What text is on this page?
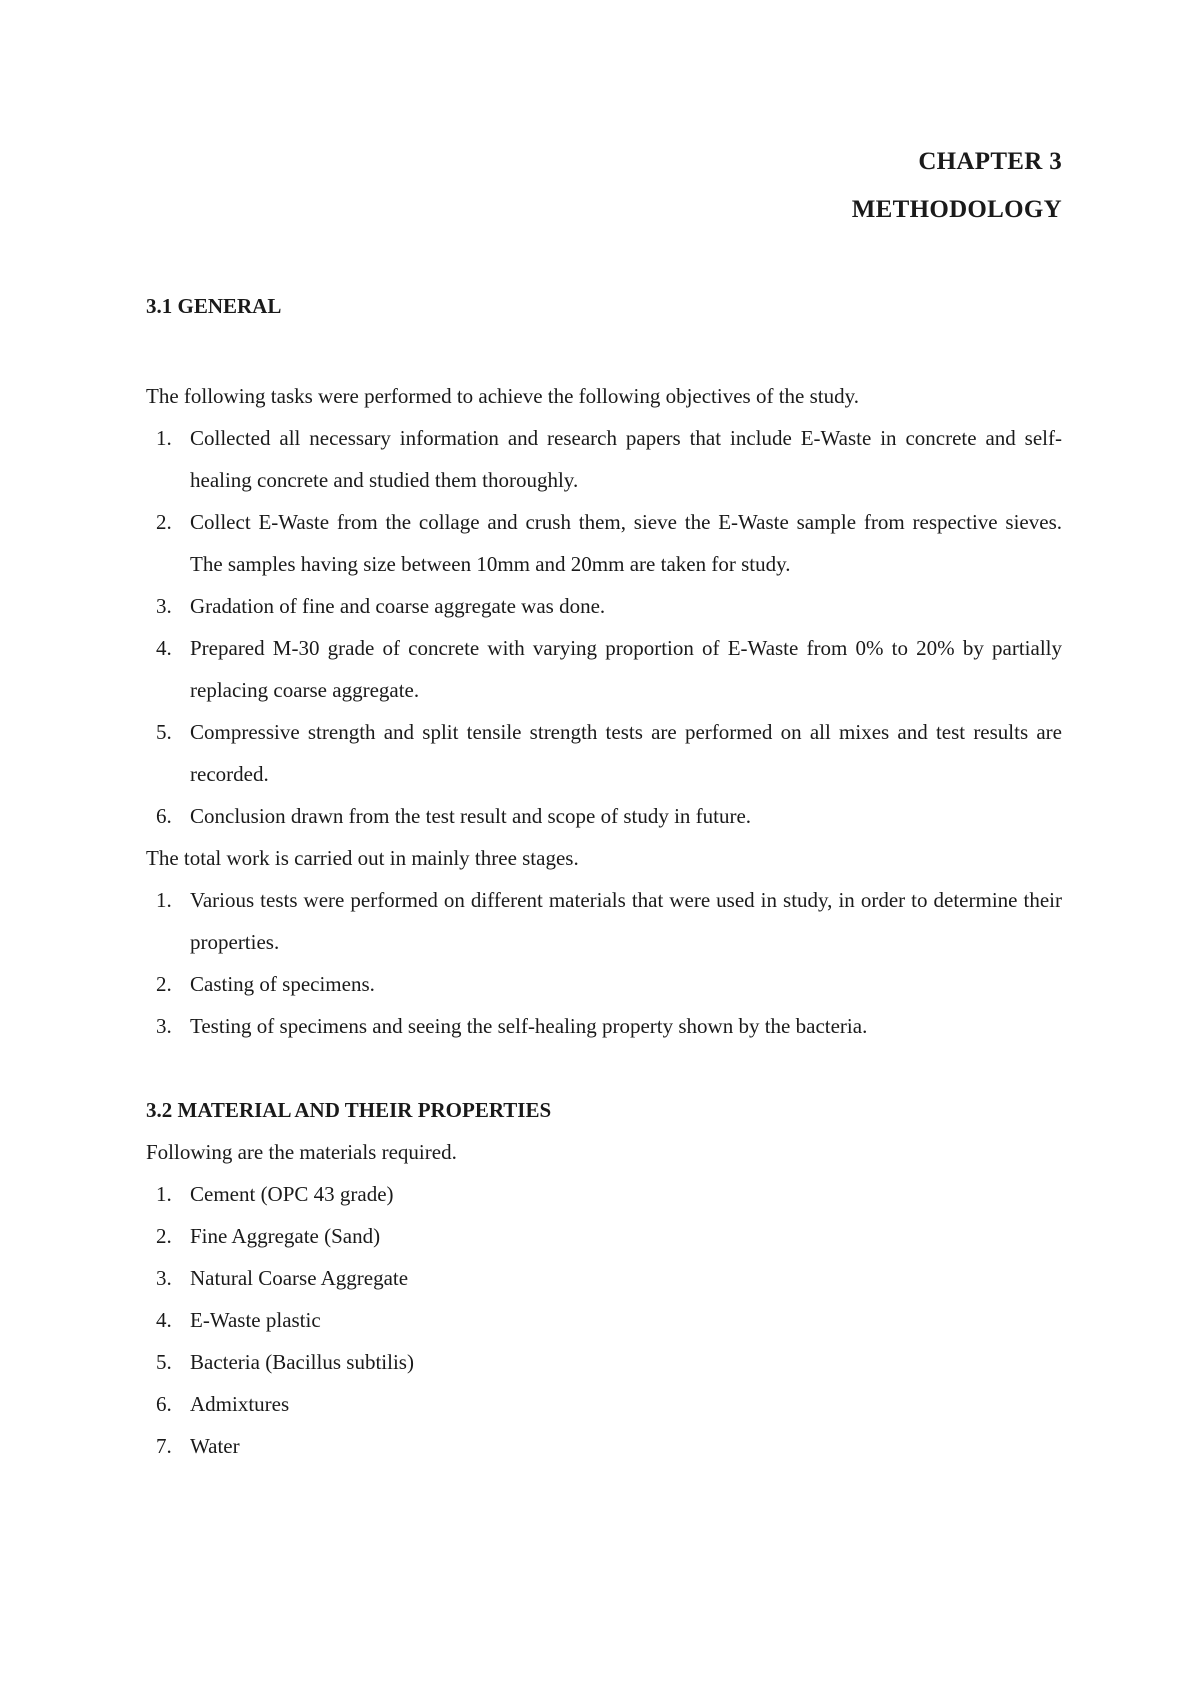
CHAPTER 3
METHODOLOGY
3.1 GENERAL

The following tasks were performed to achieve the following objectives of the study.

1. Collected all necessary information and research papers that include E-Waste in concrete and self-healing concrete and studied them thoroughly.
2. Collect E-Waste from the collage and crush them, sieve the E-Waste sample from respective sieves. The samples having size between 10mm and 20mm are taken for study.
3. Gradation of fine and coarse aggregate was done.
4. Prepared M-30 grade of concrete with varying proportion of E-Waste from 0% to 20% by partially replacing coarse aggregate.
5. Compressive strength and split tensile strength tests are performed on all mixes and test results are recorded.
6. Conclusion drawn from the test result and scope of study in future.

The total work is carried out in mainly three stages.

1. Various tests were performed on different materials that were used in study, in order to determine their properties.
2. Casting of specimens.
3. Testing of specimens and seeing the self-healing property shown by the bacteria.
3.2 MATERIAL AND THEIR PROPERTIES

Following are the materials required.

1. Cement (OPC 43 grade)
2. Fine Aggregate (Sand)
3. Natural Coarse Aggregate
4. E-Waste plastic
5. Bacteria (Bacillus subtilis)
6. Admixtures
7. Water
